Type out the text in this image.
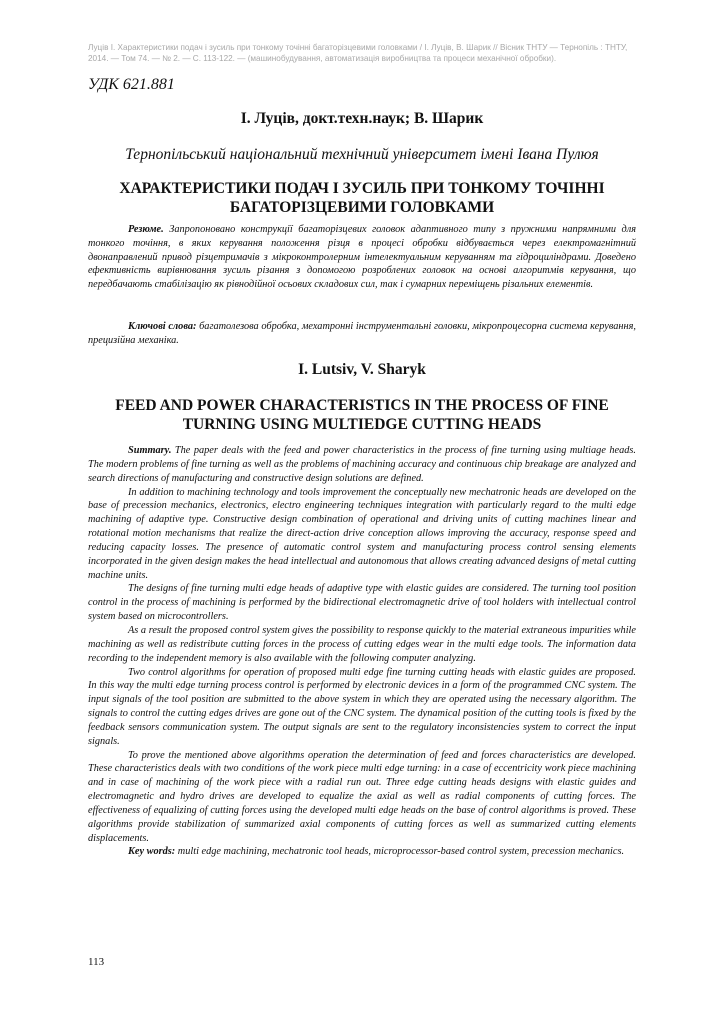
Луців І. Характеристики подач і зусиль при тонкому точінні багаторізцевими головками / І. Луців, В. Шарик // Вісник ТНТУ — Тернопіль : ТНТУ, 2014. — Том 74. — № 2. — С. 113-122. — (машинобудування, автоматизація виробництва та процеси механічної обробки).
УДК 621.881
І. Луців, докт.техн.наук; В. Шарик
Тернопільський національний технічний університет імені Івана Пулюя
ХАРАКТЕРИСТИКИ ПОДАЧ І ЗУСИЛЬ ПРИ ТОНКОМУ ТОЧІННІ БАГАТОРІЗЦЕВИМИ ГОЛОВКАМИ

Резюме. Запропоновано конструкції багаторізцевих головок адаптивного типу з пружними напрямними для тонкого точіння, в яких керування положення різця в процесі обробки відбувається через електромагнітний двонаправлений привод різцетримачів з мікроконтролерним інтелектуальним керуванням та гідроциліндрами. Доведено ефективність вирівнювання зусиль різання з допомогою розроблених головок на основі алгоритмів керування, що передбачають стабілізацію як рівнодійної осьових складових сил, так і сумарних переміщень різальних елементів.

Ключові слова: багатолезова обробка, мехатронні інструментальні головки, мікропроцесорна система керування, прецизійна механіка.

I. Lutsiv, V. Sharyk
FEED AND POWER CHARACTERISTICS IN THE PROCESS OF FINE TURNING USING MULTIEDGE CUTTING HEADS

Summary. The paper deals with the feed and power characteristics in the process of fine turning using multiage heads. The modern problems of fine turning as well as the problems of machining accuracy and continuous chip breakage are analyzed and search directions of manufacturing and constructive design solutions are defined.

In addition to machining technology and tools improvement the conceptually new mechatronic heads are developed on the base of precession mechanics, electronics, electro engineering techniques integration with particularly regard to the multi edge machining of adaptive type. Constructive design combination of operational and driving units of cutting machines linear and rotational motion mechanisms that realize the direct-action drive conception allows improving the accuracy, response speed and reducing capacity losses. The presence of automatic control system and manufacturing process control sensing elements incorporated in the given design makes the head intellectual and autonomous that allows creating advanced designs of metal cutting machine units.

The designs of fine turning multi edge heads of adaptive type with elastic guides are considered. The turning tool position control in the process of machining is performed by the bidirectional electromagnetic drive of tool holders with intellectual control system based on microcontrollers.

As a result the proposed control system gives the possibility to response quickly to the material extraneous impurities while machining as well as redistribute cutting forces in the process of cutting edges wear in the multi edge tools. The information data recording to the independent memory is also available with the following computer analyzing.

Two control algorithms for operation of proposed multi edge fine turning cutting heads with elastic guides are proposed. In this way the multi edge turning process control is performed by electronic devices in a form of the programmed CNC system. The input signals of the tool position are submitted to the above system in which they are operated using the necessary algorithm. The signals to control the cutting edges drives are gone out of the CNC system. The dynamical position of the cutting tools is fixed by the feedback sensors communication system. The output signals are sent to the regulatory inconsistencies system to correct the input signals.

To prove the mentioned above algorithms operation the determination of feed and forces characteristics are developed. These characteristics deals with two conditions of the work piece multi edge turning: in a case of eccentricity work piece machining and in case of machining of the work piece with a radial run out. Three edge cutting heads designs with elastic guides and electromagnetic and hydro drives are developed to equalize the axial as well as radial components of cutting forces. The effectiveness of equalizing of cutting forces using the developed multi edge heads on the base of control algorithms is proved. These algorithms provide stabilization of summarized axial components of cutting forces as well as summarized cutting elements displacements.

Key words: multi edge machining, mechatronic tool heads, microprocessor-based control system, precession mechanics.

113
